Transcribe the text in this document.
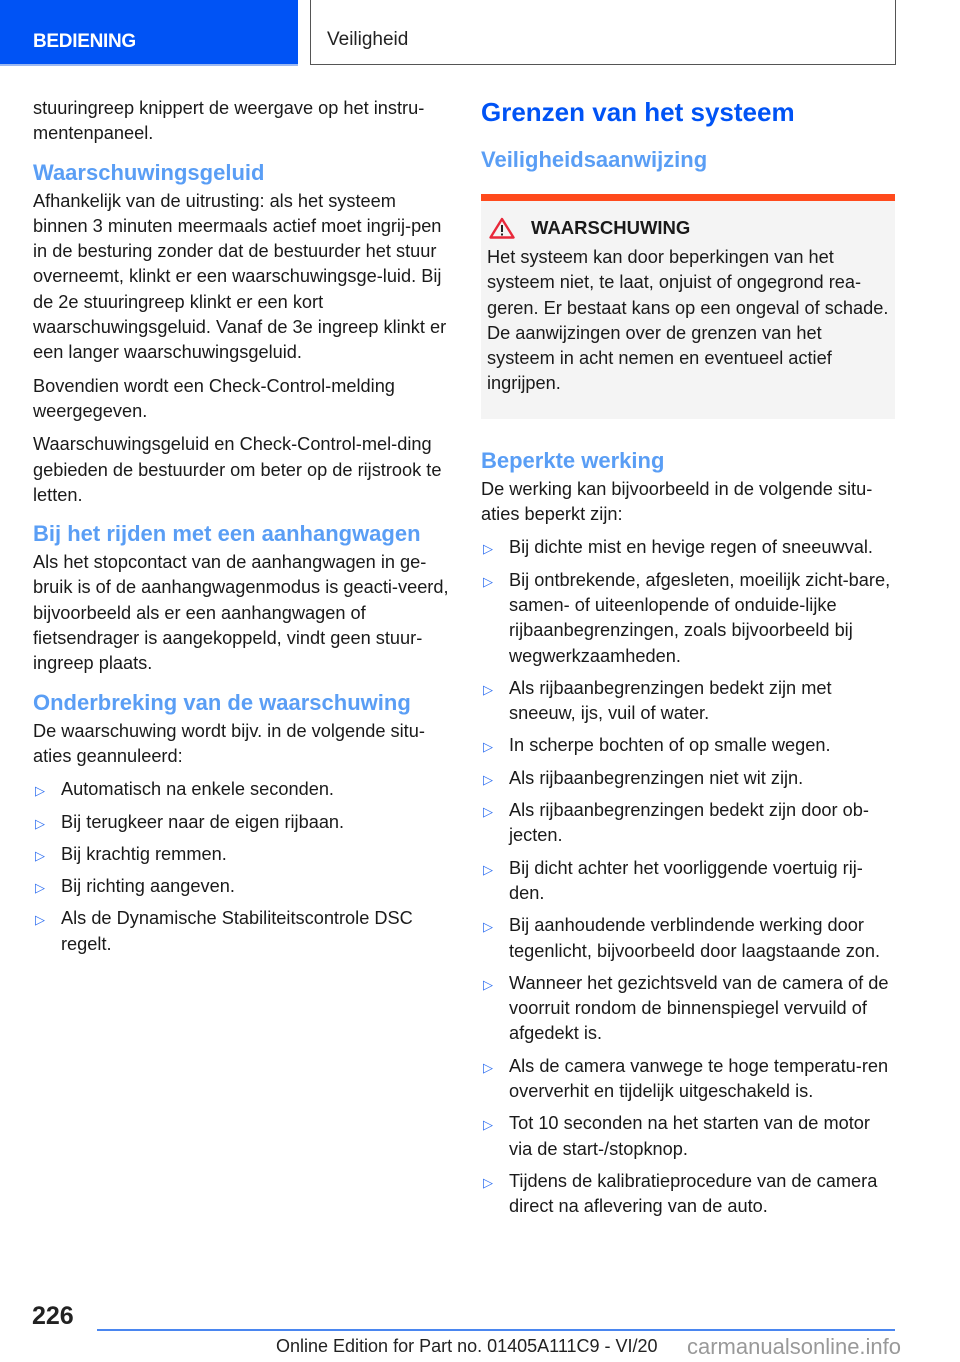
BEDIENING	Veiligheid

stuuringreep knippert de weergave op het instru-mentenpaneel.

Waarschuwingsgeluid

Afhankelijk van de uitrusting: als het systeem binnen 3 minuten meermaals actief moet ingrij-pen in de besturing zonder dat de bestuurder het stuur overneemt, klinkt er een waarschuwingsge-luid. Bij de 2e stuuringreep klinkt er een kort waarschuwingsgeluid. Vanaf de 3e ingreep klinkt er een langer waarschuwingsgeluid.

Bovendien wordt een Check-Control-melding weergegeven.

Waarschuwingsgeluid en Check-Control-mel-ding gebieden de bestuurder om beter op de rijstrook te letten.

Bij het rijden met een aanhangwagen

Als het stopcontact van de aanhangwagen in ge-bruik is of de aanhangwagenmodus is geacti-veerd, bijvoorbeeld als er een aanhangwagen of fietsendrager is aangekoppeld, vindt geen stuur-ingreep plaats.

Onderbreking van de waarschuwing

De waarschuwing wordt bijv. in de volgende situ-aties geannuleerd:

▷ Automatisch na enkele seconden.
▷ Bij terugkeer naar de eigen rijbaan.
▷ Bij krachtig remmen.
▷ Bij richting aangeven.
▷ Als de Dynamische Stabiliteitscontrole DSC regelt.
Grenzen van het systeem
Veiligheidsaanwijzing
WAARSCHUWING

Het systeem kan door beperkingen van het systeem niet, te laat, onjuist of ongegrond rea-geren. Er bestaat kans op een ongeval of schade. De aanwijzingen over de grenzen van het systeem in acht nemen en eventueel actief ingrijpen.

Beperkte werking

De werking kan bijvoorbeeld in de volgende situ-aties beperkt zijn:

▷ Bij dichte mist en hevige regen of sneeuwval.
▷ Bij ontbrekende, afgesleten, moeilijk zicht-bare, samen- of uiteenlopende of onduide-lijke rijbaanbegrenzingen, zoals bijvoorbeeld bij wegwerkzaamheden.
▷ Als rijbaanbegrenzingen bedekt zijn met sneeuw, ijs, vuil of water.
▷ In scherpe bochten of op smalle wegen.
▷ Als rijbaanbegrenzingen niet wit zijn.
▷ Als rijbaanbegrenzingen bedekt zijn door ob-jecten.
▷ Bij dicht achter het voorliggende voertuig rij-den.
▷ Bij aanhoudende verblindende werking door tegenlicht, bijvoorbeeld door laagstaande zon.
▷ Wanneer het gezichtsveld van de camera of de voorruit rondom de binnenspiegel vervuild of afgedekt is.
▷ Als de camera vanwege te hoge temperatu-ren oververhit en tijdelijk uitgeschakeld is.
▷ Tot 10 seconden na het starten van de motor via de start-/stopknop.
▷ Tijdens de kalibratieprocedure van de camera direct na aflevering van de auto.
226
Online Edition for Part no. 01405A111C9 - VI/20 carmanualsonline.info
